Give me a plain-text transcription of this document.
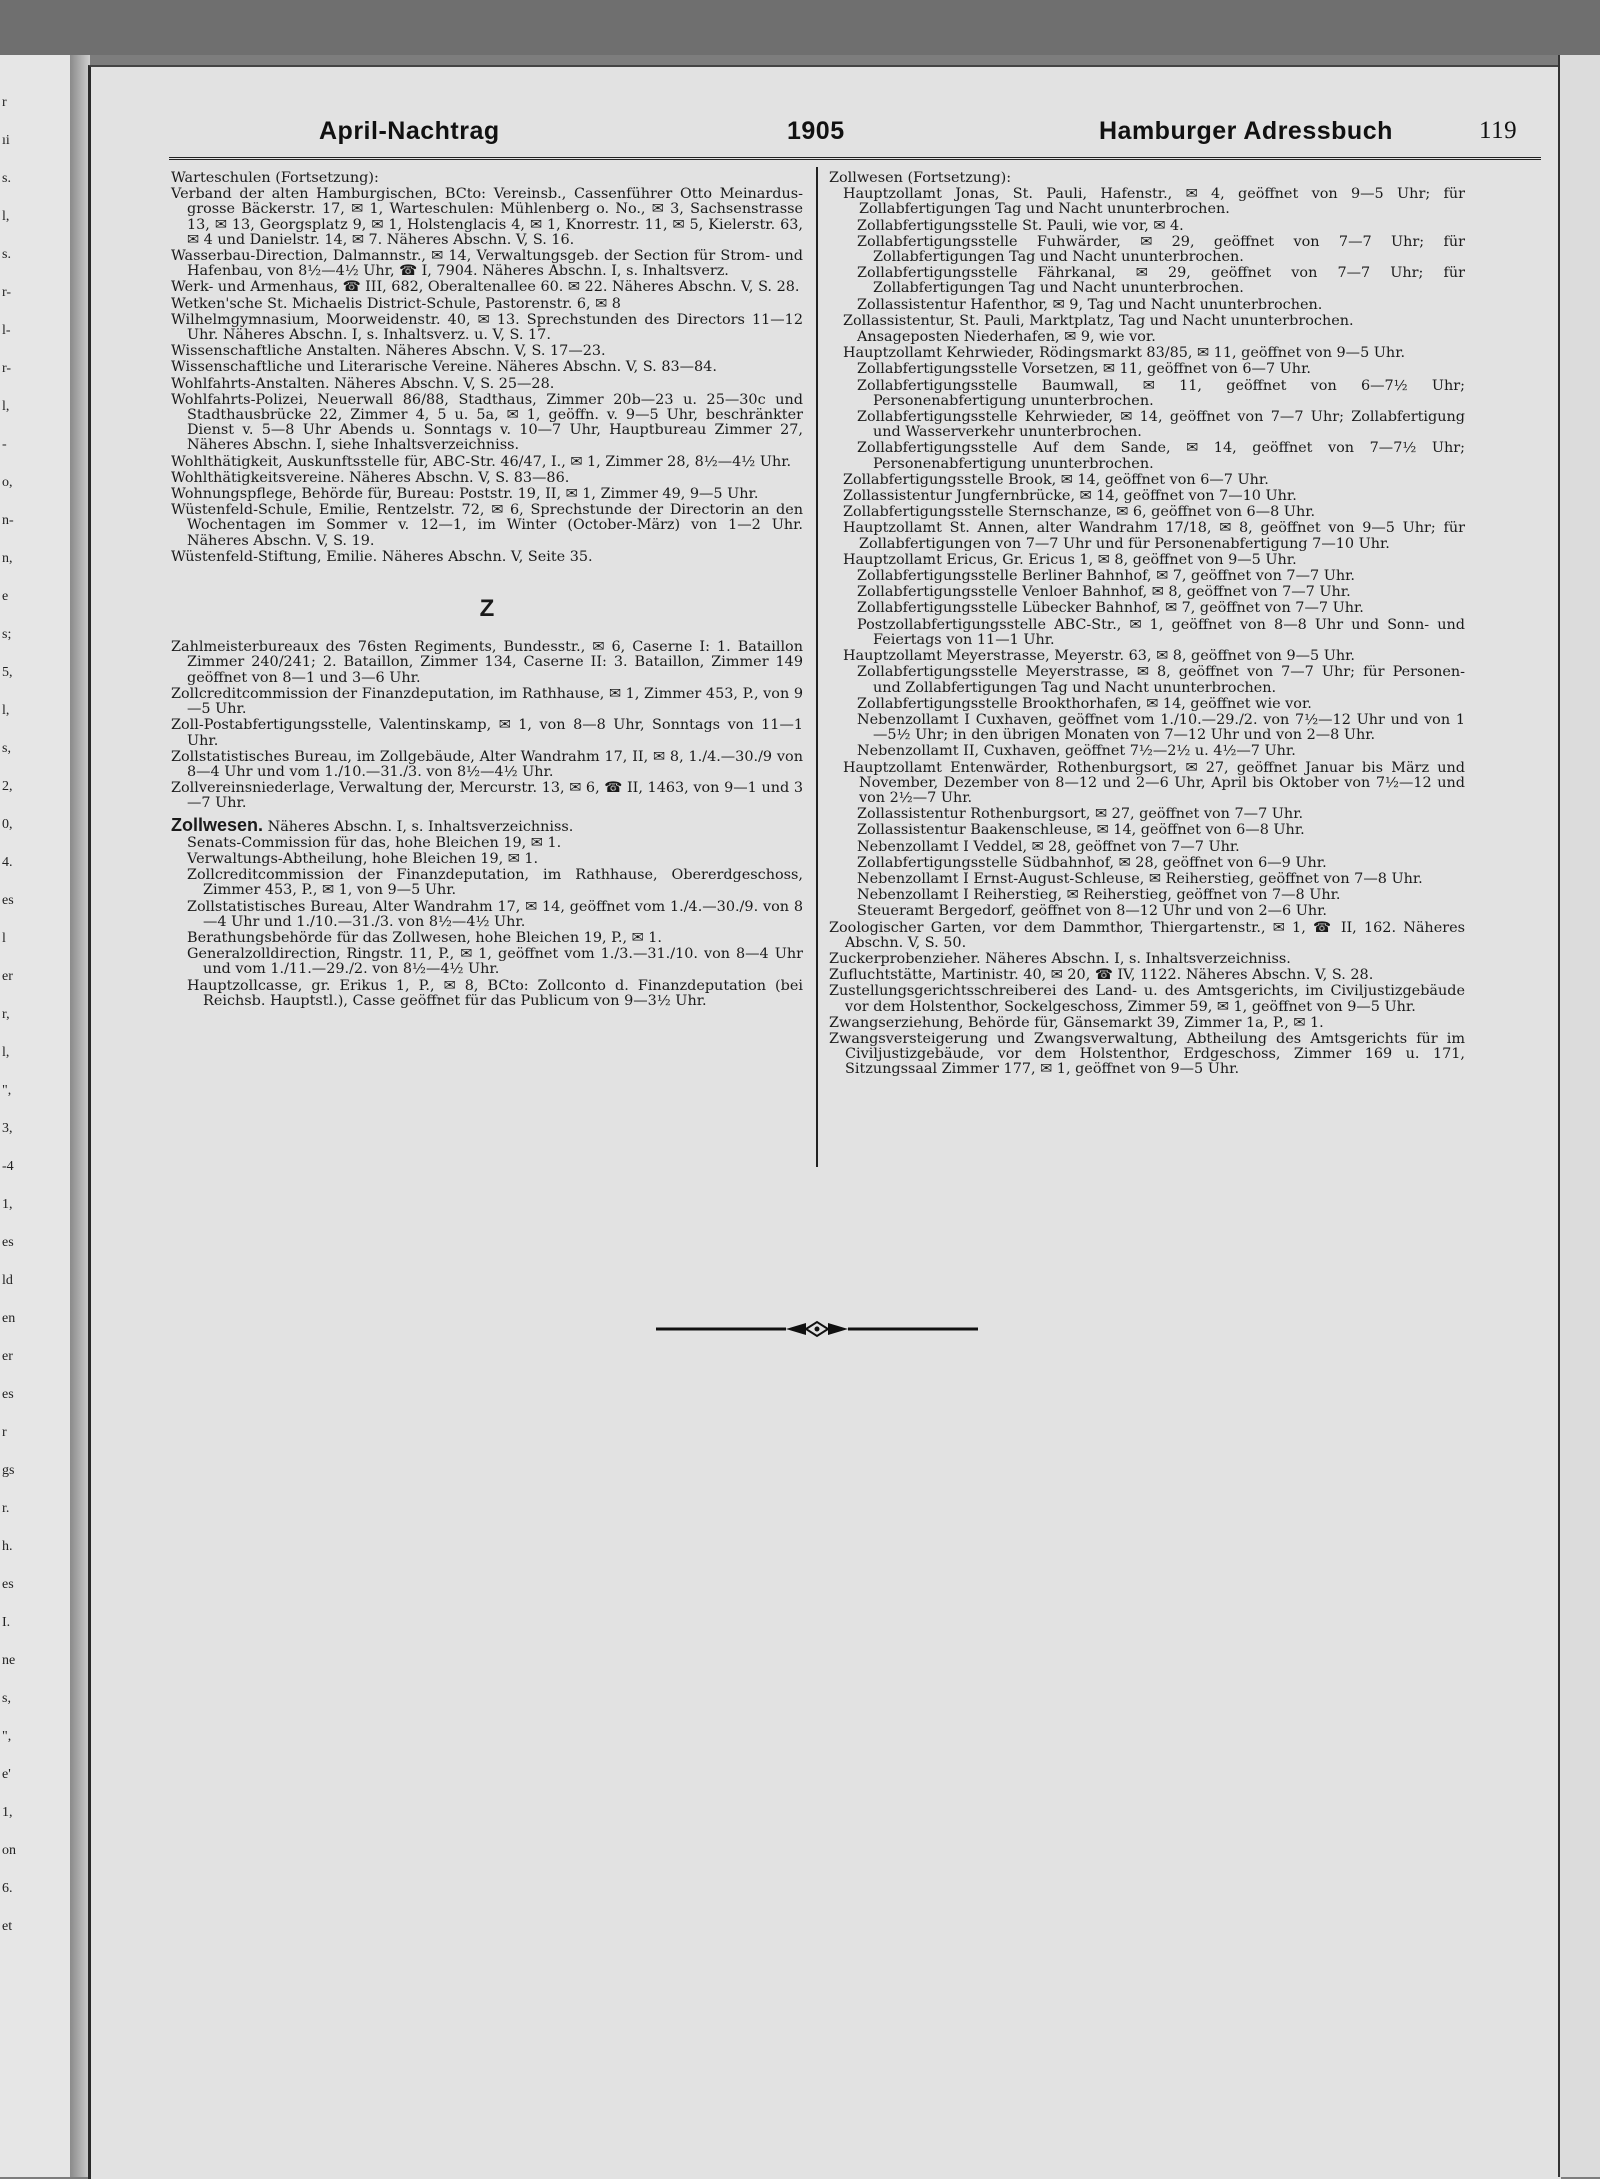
r
ıi
s.
l,
s.
r-
l-
r-
l,
-
o,
n-
n,
e
s;
5,
l,
s,
2,
0,
4.
es
l
er
r,
l,
",
3,
-4
1,
es
ld
en
er
es
r
gs
r.
h.
es
I.
ne
s,
",
e'
1,
on
6.
et
April-Nachtrag	1905	Hamburger Adressbuch	119

Warteschulen (Fortsetzung):

Verband der alten Hamburgischen, BCto: Vereinsb., Cassenführer Otto Meinardus-grosse Bäckerstr. 17, ✉ 1, Warteschulen: Mühlenberg o. No., ✉ 3, Sachsenstrasse 13, ✉ 13, Georgsplatz 9, ✉ 1, Holstenglacis 4, ✉ 1, Knorrestr. 11, ✉ 5, Kielerstr. 63, ✉ 4 und Danielstr. 14, ✉ 7. Näheres Abschn. V, S. 16.

Wasserbau-Direction, Dalmannstr., ✉ 14, Verwaltungsgeb. der Section für Strom- und Hafenbau, von 8½—4½ Uhr, ☎ I, 7904. Näheres Abschn. I, s. Inhaltsverz.

Werk- und Armenhaus, ☎ III, 682, Oberaltenallee 60. ✉ 22. Näheres Abschn. V, S. 28.

Wetken'sche St. Michaelis District-Schule, Pastorenstr. 6, ✉ 8

Wilhelmgymnasium, Moorweidenstr. 40, ✉ 13. Sprechstunden des Directors 11—12 Uhr. Näheres Abschn. I, s. Inhaltsverz. u. V, S. 17.

Wissenschaftliche Anstalten. Näheres Abschn. V, S. 17—23.

Wissenschaftliche und Literarische Vereine. Näheres Abschn. V, S. 83—84.

Wohlfahrts-Anstalten. Näheres Abschn. V, S. 25—28.

Wohlfahrts-Polizei, Neuerwall 86/88, Stadthaus, Zimmer 20b—23 u. 25—30c und Stadthausbrücke 22, Zimmer 4, 5 u. 5a, ✉ 1, geöffn. v. 9—5 Uhr, beschränkter Dienst v. 5—8 Uhr Abends u. Sonntags v. 10—7 Uhr, Hauptbureau Zimmer 27, Näheres Abschn. I, siehe Inhaltsverzeichniss.

Wohlthätigkeit, Auskunftsstelle für, ABC-Str. 46/47, I., ✉ 1, Zimmer 28, 8½—4½ Uhr.

Wohlthätigkeitsvereine. Näheres Abschn. V, S. 83—86.

Wohnungspflege, Behörde für, Bureau: Poststr. 19, II, ✉ 1, Zimmer 49, 9—5 Uhr.

Wüstenfeld-Schule, Emilie, Rentzelstr. 72, ✉ 6, Sprechstunde der Directorin an den Wochentagen im Sommer v. 12—1, im Winter (October-März) von 1—2 Uhr. Näheres Abschn. V, S. 19.

Wüstenfeld-Stiftung, Emilie. Näheres Abschn. V, Seite 35.

Z

Zahlmeisterbureaux des 76sten Regiments, Bundesstr., ✉ 6, Caserne I: 1. Bataillon Zimmer 240/241; 2. Bataillon, Zimmer 134, Caserne II: 3. Bataillon, Zimmer 149 geöffnet von 8—1 und 3—6 Uhr.

Zollcreditcommission der Finanzdeputation, im Rathhause, ✉ 1, Zimmer 453, P., von 9—5 Uhr.

Zoll-Postabfertigungsstelle, Valentinskamp, ✉ 1, von 8—8 Uhr, Sonntags von 11—1 Uhr.

Zollstatistisches Bureau, im Zollgebäude, Alter Wandrahm 17, II, ✉ 8, 1./4.—30./9 von 8—4 Uhr und vom 1./10.—31./3. von 8½—4½ Uhr.

Zollvereinsniederlage, Verwaltung der, Mercurstr. 13, ✉ 6, ☎ II, 1463, von 9—1 und 3—7 Uhr.

Zollwesen. Näheres Abschn. I, s. Inhaltsverzeichniss.

Senats-Commission für das, hohe Bleichen 19, ✉ 1.

Verwaltungs-Abtheilung, hohe Bleichen 19, ✉ 1.

Zollcreditcommission der Finanzdeputation, im Rathhause, Obererdgeschoss, Zimmer 453, P., ✉ 1, von 9—5 Uhr.

Zollstatistisches Bureau, Alter Wandrahm 17, ✉ 14, geöffnet vom 1./4.—30./9. von 8—4 Uhr und 1./10.—31./3. von 8½—4½ Uhr.

Berathungsbehörde für das Zollwesen, hohe Bleichen 19, P., ✉ 1.

Generalzolldirection, Ringstr. 11, P., ✉ 1, geöffnet vom 1./3.—31./10. von 8—4 Uhr und vom 1./11.—29./2. von 8½—4½ Uhr.

Hauptzollcasse, gr. Erikus 1, P., ✉ 8, BCto: Zollconto d. Finanzdeputation (bei Reichsb. Hauptstl.), Casse geöffnet für das Publicum von 9—3½ Uhr.

Zollwesen (Fortsetzung):

Hauptzollamt Jonas, St. Pauli, Hafenstr., ✉ 4, geöffnet von 9—5 Uhr; für Zollabfertigungen Tag und Nacht ununterbrochen.

Zollabfertigungsstelle St. Pauli, wie vor, ✉ 4.

Zollabfertigungsstelle Fuhwärder, ✉ 29, geöffnet von 7—7 Uhr; für Zollabfertigungen Tag und Nacht ununterbrochen.

Zollabfertigungsstelle Fährkanal, ✉ 29, geöffnet von 7—7 Uhr; für Zollabfertigungen Tag und Nacht ununterbrochen.

Zollassistentur Hafenthor, ✉ 9, Tag und Nacht ununterbrochen.

Zollassistentur, St. Pauli, Marktplatz, Tag und Nacht ununterbrochen.

Ansageposten Niederhafen, ✉ 9, wie vor.

Hauptzollamt Kehrwieder, Rödingsmarkt 83/85, ✉ 11, geöffnet von 9—5 Uhr.

Zollabfertigungsstelle Vorsetzen, ✉ 11, geöffnet von 6—7 Uhr.

Zollabfertigungsstelle Baumwall, ✉ 11, geöffnet von 6—7½ Uhr; Personenabfertigung ununterbrochen.

Zollabfertigungsstelle Kehrwieder, ✉ 14, geöffnet von 7—7 Uhr; Zollabfertigung und Wasserverkehr ununterbrochen.

Zollabfertigungsstelle Auf dem Sande, ✉ 14, geöffnet von 7—7½ Uhr; Personenabfertigung ununterbrochen.

Zollabfertigungsstelle Brook, ✉ 14, geöffnet von 6—7 Uhr.

Zollassistentur Jungfernbrücke, ✉ 14, geöffnet von 7—10 Uhr.

Zollabfertigungsstelle Sternschanze, ✉ 6, geöffnet von 6—8 Uhr.

Hauptzollamt St. Annen, alter Wandrahm 17/18, ✉ 8, geöffnet von 9—5 Uhr; für Zollabfertigungen von 7—7 Uhr und für Personenabfertigung 7—10 Uhr.

Hauptzollamt Ericus, Gr. Ericus 1, ✉ 8, geöffnet von 9—5 Uhr.

Zollabfertigungsstelle Berliner Bahnhof, ✉ 7, geöffnet von 7—7 Uhr.

Zollabfertigungsstelle Venloer Bahnhof, ✉ 8, geöffnet von 7—7 Uhr.

Zollabfertigungsstelle Lübecker Bahnhof, ✉ 7, geöffnet von 7—7 Uhr.

Postzollabfertigungsstelle ABC-Str., ✉ 1, geöffnet von 8—8 Uhr und Sonn- und Feiertags von 11—1 Uhr.

Hauptzollamt Meyerstrasse, Meyerstr. 63, ✉ 8, geöffnet von 9—5 Uhr.

Zollabfertigungsstelle Meyerstrasse, ✉ 8, geöffnet von 7—7 Uhr; für Personen- und Zollabfertigungen Tag und Nacht ununterbrochen.

Zollabfertigungsstelle Brookthorhafen, ✉ 14, geöffnet wie vor.

Nebenzollamt I Cuxhaven, geöffnet vom 1./10.—29./2. von 7½—12 Uhr und von 1—5½ Uhr; in den übrigen Monaten von 7—12 Uhr und von 2—8 Uhr.

Nebenzollamt II, Cuxhaven, geöffnet 7½—2½ u. 4½—7 Uhr.

Hauptzollamt Entenwärder, Rothenburgsort, ✉ 27, geöffnet Januar bis März und November, Dezember von 8—12 und 2—6 Uhr, April bis Oktober von 7½—12 und von 2½—7 Uhr.

Zollassistentur Rothenburgsort, ✉ 27, geöffnet von 7—7 Uhr.

Zollassistentur Baakenschleuse, ✉ 14, geöffnet von 6—8 Uhr.

Nebenzollamt I Veddel, ✉ 28, geöffnet von 7—7 Uhr.

Zollabfertigungsstelle Südbahnhof, ✉ 28, geöffnet von 6—9 Uhr.

Nebenzollamt I Ernst-August-Schleuse, ✉ Reiherstieg, geöffnet von 7—8 Uhr.

Nebenzollamt I Reiherstieg, ✉ Reiherstieg, geöffnet von 7—8 Uhr.

Steueramt Bergedorf, geöffnet von 8—12 Uhr und von 2—6 Uhr.

Zoologischer Garten, vor dem Dammthor, Thiergartenstr., ✉ 1, ☎ II, 162. Näheres Abschn. V, S. 50.

Zuckerprobenzieher. Näheres Abschn. I, s. Inhaltsverzeichniss.

Zufluchtstätte, Martinistr. 40, ✉ 20, ☎ IV, 1122. Näheres Abschn. V, S. 28.

Zustellungsgerichtsschreiberei des Land- u. des Amtsgerichts, im Civiljustizgebäude vor dem Holstenthor, Sockelgeschoss, Zimmer 59, ✉ 1, geöffnet von 9—5 Uhr.

Zwangserziehung, Behörde für, Gänsemarkt 39, Zimmer 1a, P., ✉ 1.

Zwangsversteigerung und Zwangsverwaltung, Abtheilung des Amtsgerichts für im Civiljustizgebäude, vor dem Holstenthor, Erdgeschoss, Zimmer 169 u. 171, Sitzungssaal Zimmer 177, ✉ 1, geöffnet von 9—5 Uhr.
